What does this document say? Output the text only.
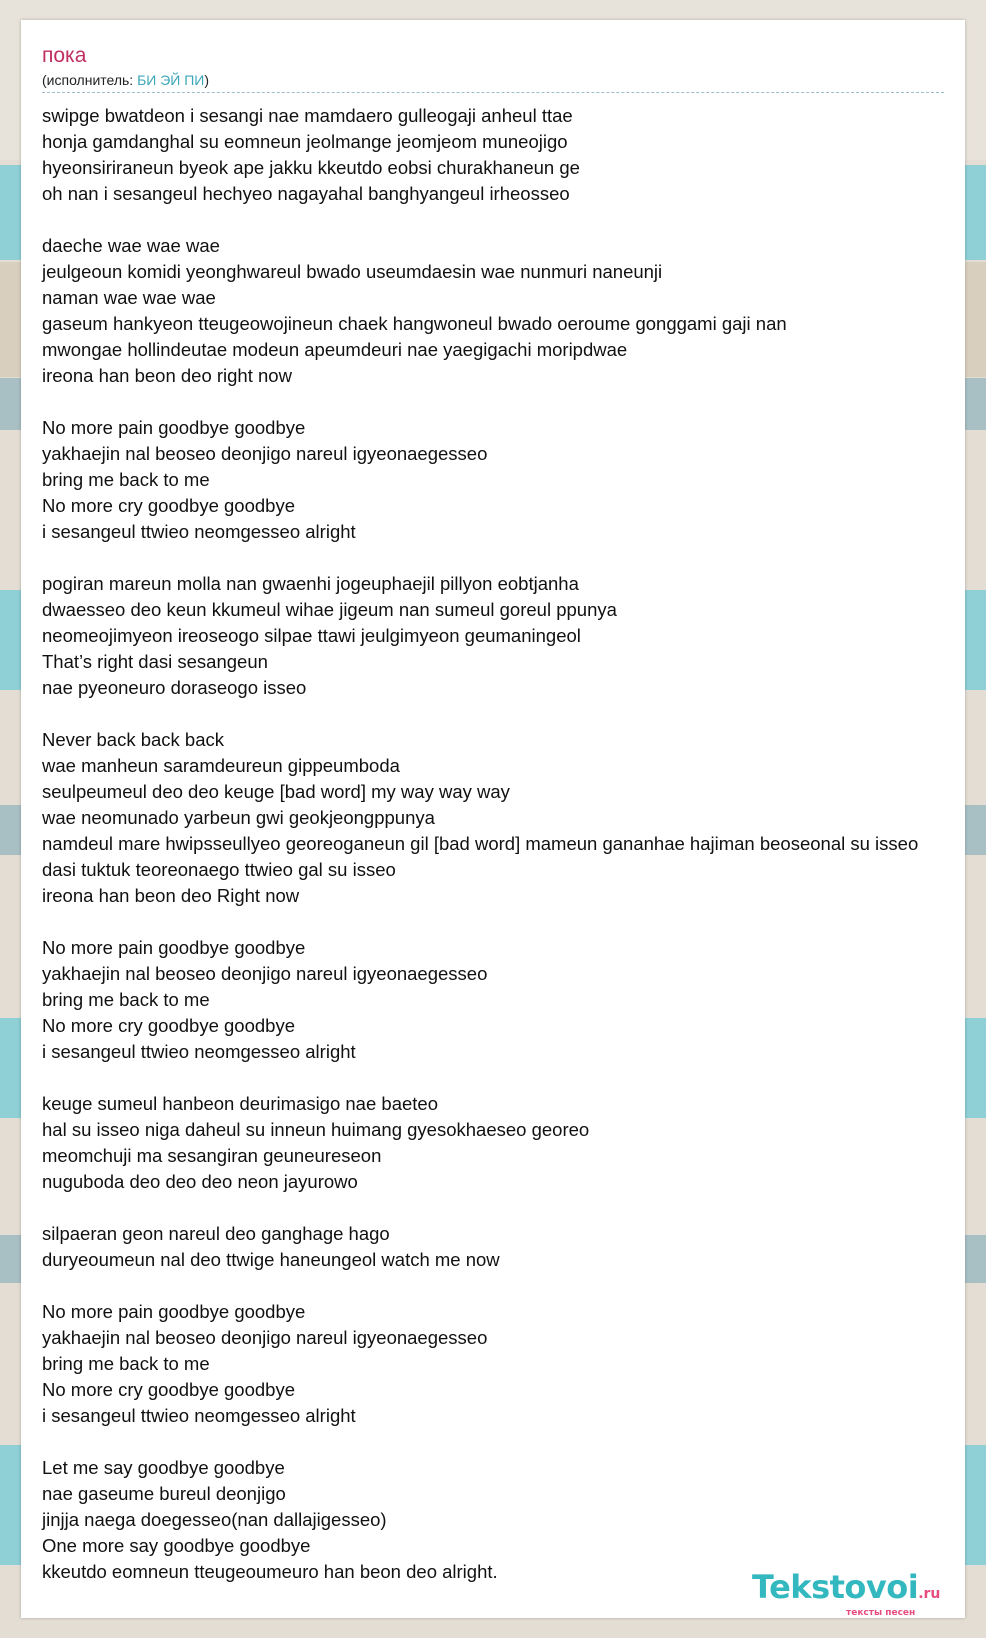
пока
(исполнитель: БИ ЭЙ ПИ)
swipge bwatdeon i sesangi nae mamdaero gulleogaji anheul ttae
honja gamdanghal su eomneun jeolmange jeomjeom muneojigo
hyeonsiriraneun byeok ape jakku kkeutdo eobsi churakhaneun ge
oh nan i sesangeul hechyeo nagayahal banghyangeul irheosseo
daeche wae wae wae
jeulgeoun komidi yeonghwareul bwado useumdaesin wae nunmuri naneunji
naman wae wae wae
gaseum hankyeon tteugeowojineun chaek hangwoneul bwado oeroume gonggami gaji nan
mwongae hollindeutae modeun apeumdeuri nae yaegigachi moripdwae
ireona han beon deo right now
No more pain goodbye goodbye
yakhaejin nal beoseo deonjigo nareul igyeonaegesseo
bring me back to me
No more cry goodbye goodbye
i sesangeul ttwieo neomgesseo alright
pogiran mareun molla nan gwaenhi jogeuphaejil pillyon eobtjanha
dwaesseo deo keun kkumeul wihae jigeum nan sumeul goreul ppunya
neomeojimyeon ireoseogo silpae ttawi jeulgimyeon geumaningeol
That’s right dasi sesangeun
nae pyeoneuro doraseogo isseo
Never back back back
wae manheun saramdeureun gippeumboda
seulpeumeul deo deo keuge [bad word] my way way way
wae neomunado yarbeun gwi geokjeongppunya
namdeul mare hwipsseullyeo georeoganeun gil [bad word] mameun gananhae hajiman beoseonal su isseo
dasi tuktuk teoreonaego ttwieo gal su isseo
ireona han beon deo Right now
No more pain goodbye goodbye
yakhaejin nal beoseo deonjigo nareul igyeonaegesseo
bring me back to me
No more cry goodbye goodbye
i sesangeul ttwieo neomgesseo alright
keuge sumeul hanbeon deurimasigo nae baeteo
hal su isseo niga daheul su inneun huimang gyesokhaeseo georeo
meomchuji ma sesangiran geuneureseon
nuguboda deo deo deo neon jayurowo
silpaeran geon nareul deo ganghage hago
duryeoumeun nal deo ttwige haneungeol watch me now
No more pain goodbye goodbye
yakhaejin nal beoseo deonjigo nareul igyeonaegesseo
bring me back to me
No more cry goodbye goodbye
i sesangeul ttwieo neomgesseo alright
Let me say goodbye goodbye
nae gaseume bureul deonjigo
jinjja naega doegesseo(nan dallajigesseo)
One more say goodbye goodbye
kkeutdo eomneun tteugeoumeuro han beon deo alright.	Tekstovoi.ru
тексты песен
